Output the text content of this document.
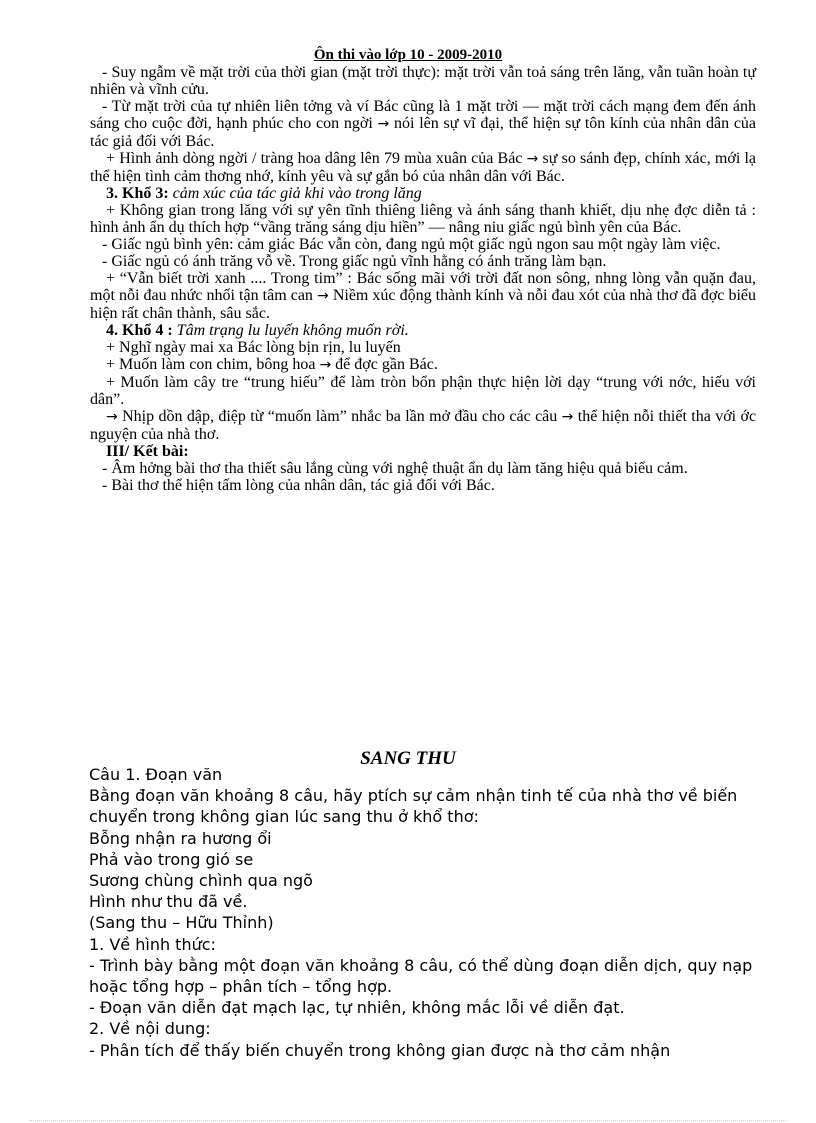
Ôn thi vào lớp 10 - 2009-2010

- Suy ngẫm về mặt trời của thời gian (mặt trời thực): mặt trời vẫn toả sáng trên lăng, vẫn tuần hoàn tự nhiên và vĩnh cửu.

- Từ mặt trời của tự nhiên liên tởng và ví Bác cũng là 1 mặt trời — mặt trời cách mạng đem đến ánh sáng cho cuộc đời, hạnh phúc cho con ngời → nói lên sự vĩ đại, thể hiện sự tôn kính của nhân dân của tác giả đối với Bác.

+ Hình ảnh dòng ngời / tràng hoa dâng lên 79 mùa xuân của Bác → sự so sánh đẹp, chính xác, mới lạ thể hiện tình cảm thơng nhớ, kính yêu và sự gắn bó của nhân dân với Bác.

3. Khổ 3: cảm xúc của tác giả khi vào trong lăng

+ Không gian trong lăng với sự yên tĩnh thiêng liêng và ánh sáng thanh khiết, dịu nhẹ đợc diễn tả : hình ảnh ẩn dụ thích hợp “vầng trăng sáng dịu hiền” — nâng niu giấc ngủ bình yên của Bác.

- Giấc ngủ bình yên: cảm giác Bác vẫn còn, đang ngủ một giấc ngủ ngon sau một ngày làm việc.

- Giấc ngủ có ánh trăng vỗ về. Trong giấc ngủ vĩnh hằng có ánh trăng làm bạn.

+ “Vẫn biết trời xanh .... Trong tim” : Bác sống mãi với trời đất non sông, nhng lòng vẫn quặn đau, một nỗi đau nhức nhối tận tâm can → Niềm xúc động thành kính và nỗi đau xót của nhà thơ đã đợc biểu hiện rất chân thành, sâu sắc.

4. Khổ 4 : Tâm trạng lu luyến không muốn rời.

+ Nghĩ ngày mai xa Bác lòng bịn rịn, lu luyến

+ Muốn làm con chim, bông hoa → để đợc gần Bác.

+ Muốn làm cây tre “trung hiếu” để làm tròn bổn phận thực hiện lời dạy “trung với nớc, hiếu với dân”.

→ Nhịp dồn dập, điệp từ “muốn làm” nhắc ba lần mở đầu cho các câu → thể hiện nỗi thiết tha với ớc nguyện của nhà thơ.

III/ Kết bài:

- Âm hởng bài thơ tha thiết sâu lắng cùng với nghệ thuật ẩn dụ làm tăng hiệu quả biểu cảm.

- Bài thơ thể hiện tấm lòng của nhân dân, tác giả đối với Bác.

SANG THU

Câu 1. Đoạn văn

Bằng đoạn văn khoảng 8 câu, hãy ptích sự cảm nhận tinh tế của nhà thơ về biến chuyển trong không gian lúc sang thu ở khổ thơ:

Bỗng nhận ra hương ổi

Phả vào trong gió se

Sương chùng chình qua ngõ

Hình như thu đã về.

(Sang thu – Hữu Thỉnh)

1. Về hình thức:

- Trình bày bằng một đoạn văn khoảng 8 câu, có thể dùng đoạn diễn dịch, quy nạp hoặc tổng hợp – phân tích – tổng hợp.

- Đoạn văn diễn đạt mạch lạc, tự nhiên, không mắc lỗi về diễn đạt.

2. Về nội dung:

- Phân tích để thấy biến chuyển trong không gian được nà thơ cảm nhận
